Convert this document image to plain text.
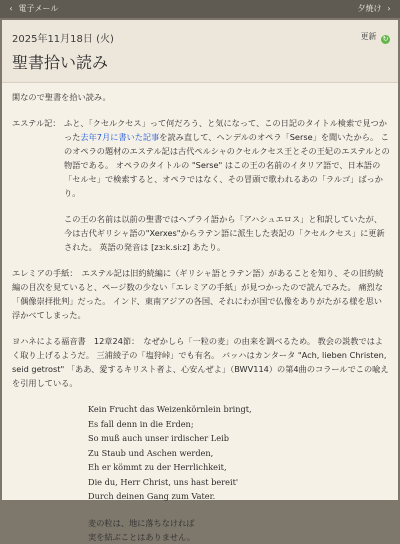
‹ 電子メール	夕焼け ›
2025年11月18日 (火)	更新 ↻
聖書拾い読み
閑なので聖書を拾い読み。
エステル記： ふと、「クセルクセス」って何だろう、と気になって、この日記のタイトル検索で見つかった去年7月に書いた記事を読み直して、ヘンデルのオペラ「Serse」を聞いたから。 このオペラの題材のエステル記は古代ペルシャのクセルクセス王とその王妃のエステルとの物語である。 オペラのタイトルの "Serse" はこの王の名前のイタリア語で、日本語の「セルセ」で検索すると、オペラではなく、その冒頭で歌われるあの「ラルゴ」ばっかり。
この王の名前は以前の聖書ではヘブライ語から「アハシュエロス」と和訳していたが、今は古代ギリシャ語の"Xerxes"からラテン語に派生した表記の「クセルクセス」に更新された。 英語の発音は [zɜːk.siːz] あたり。
エレミアの手紙：　 エステル記は旧約続編に（ギリシャ語とラテン語）があることを知り、その旧約続編の目次を見ていると、ページ数の少ない「エレミアの手紙」が見つかったので読んでみた。 痛烈な「偶像崇拝批判」だった。 インド、東南アジアの各国、それにわが国で仏像をありがたがる様を思い浮かべてしまった。
ヨハネによる福音書　12章24節：　 なぜかしら「一粒の麦」の由来を調べるため。 教会の説教ではよく取り上げるようだ。 三浦綾子の「塩狩峠」でも有名。 バッハはカンタータ "Ach, lieben Christen, seid getrost" 「ああ、愛するキリスト者よ、心安んぜよ」（BWV114）の第4曲のコラールでこの喩えを引用している。
Kein Frucht das Weizenkörnlein bringt,
Es fall denn in die Erden;
So muß auch unser irdischer Leib
Zu Staub und Aschen werden,
Eh er kömmt zu der Herrlichkeit,
Die du, Herr Christ, uns hast bereit'
Durch deinen Gang zum Vater.
麦の粒は、地に落ちなければ
実を結ぶことはありません。
